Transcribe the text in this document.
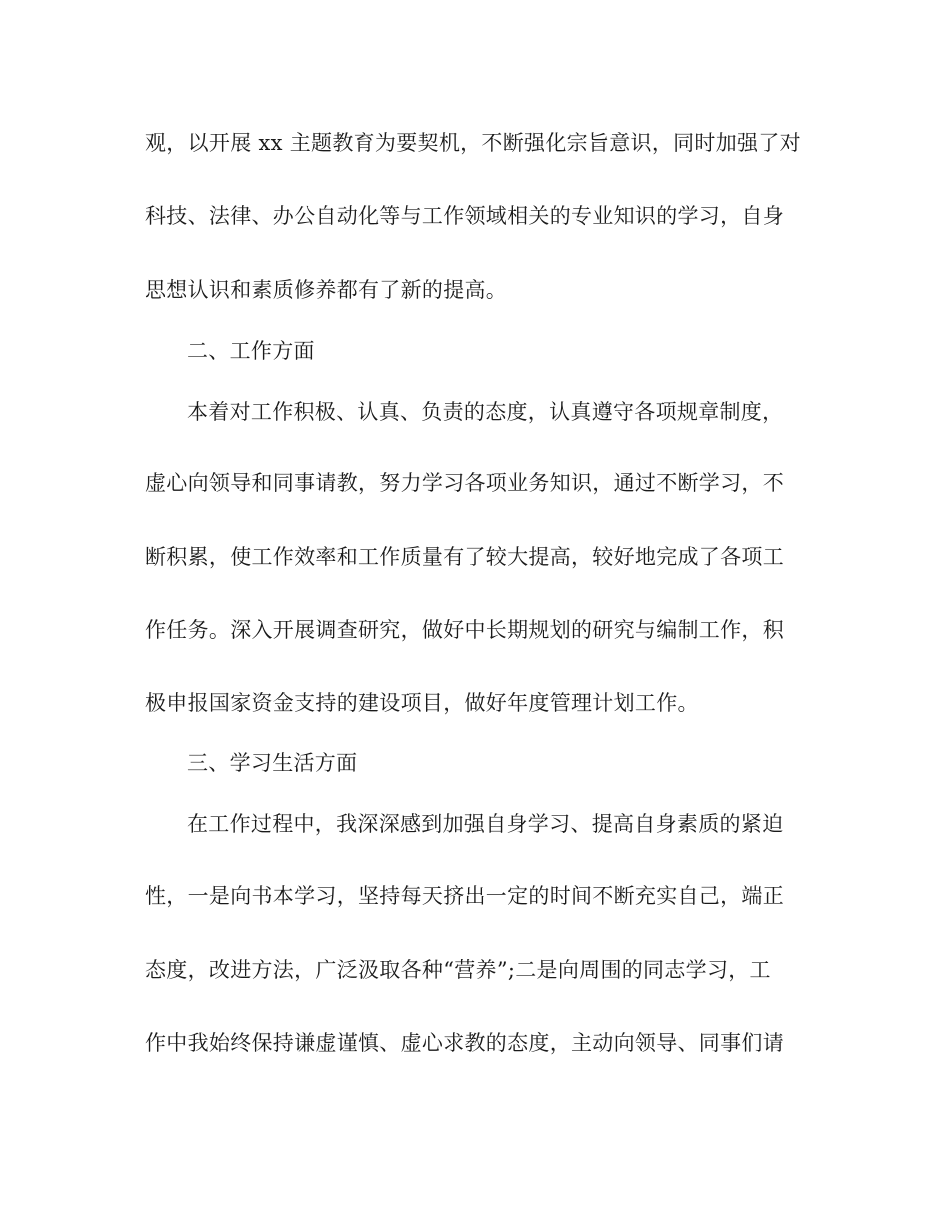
观，以开展 xx 主题教育为要契机，不断强化宗旨意识，同时加强了对
科技、法律、办公自动化等与工作领域相关的专业知识的学习，自身
思想认识和素质修养都有了新的提高。
二、工作方面
本着对工作积极、认真、负责的态度，认真遵守各项规章制度，
虚心向领导和同事请教，努力学习各项业务知识，通过不断学习，不
断积累，使工作效率和工作质量有了较大提高，较好地完成了各项工
作任务。深入开展调查研究，做好中长期规划的研究与编制工作，积
极申报国家资金支持的建设项目，做好年度管理计划工作。
三、学习生活方面
在工作过程中，我深深感到加强自身学习、提高自身素质的紧迫
性，一是向书本学习，坚持每天挤出一定的时间不断充实自己，端正
态度，改进方法，广泛汲取各种“营养”;二是向周围的同志学习，工
作中我始终保持谦虚谨慎、虚心求教的态度，主动向领导、同事们请
